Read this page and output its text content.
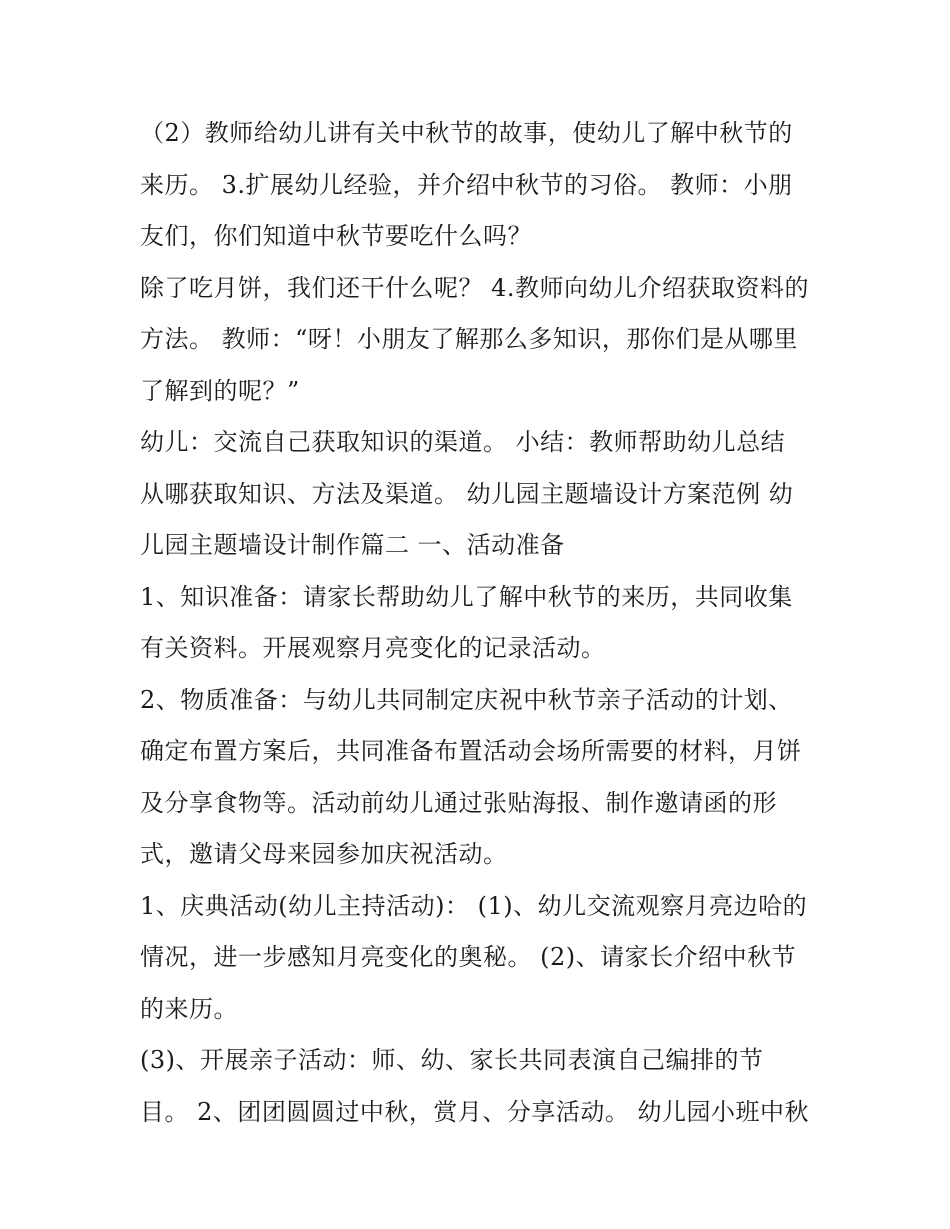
（2）教师给幼儿讲有关中秋节的故事，使幼儿了解中秋节的

来历。 3.扩展幼儿经验，并介绍中秋节的习俗。 教师：小朋

友们，你们知道中秋节要吃什么吗？

除了吃月饼，我们还干什么呢？ 4.教师向幼儿介绍获取资料的

方法。 教师：“呀！小朋友了解那么多知识，那你们是从哪里

了解到的呢？”

幼儿：交流自己获取知识的渠道。 小结：教师帮助幼儿总结

从哪获取知识、方法及渠道。 幼儿园主题墙设计方案范例 幼

儿园主题墙设计制作篇二 一、活动准备

1、知识准备：请家长帮助幼儿了解中秋节的来历，共同收集

有关资料。开展观察月亮变化的记录活动。

2、物质准备：与幼儿共同制定庆祝中秋节亲子活动的计划、

确定布置方案后，共同准备布置活动会场所需要的材料，月饼

及分享食物等。活动前幼儿通过张贴海报、制作邀请函的形

式，邀请父母来园参加庆祝活动。

1、庆典活动(幼儿主持活动)： (1)、幼儿交流观察月亮边哈的

情况，进一步感知月亮变化的奥秘。 (2)、请家长介绍中秋节

的来历。

(3)、开展亲子活动：师、幼、家长共同表演自己编排的节

目。 2、团团圆圆过中秋，赏月、分享活动。 幼儿园小班中秋
